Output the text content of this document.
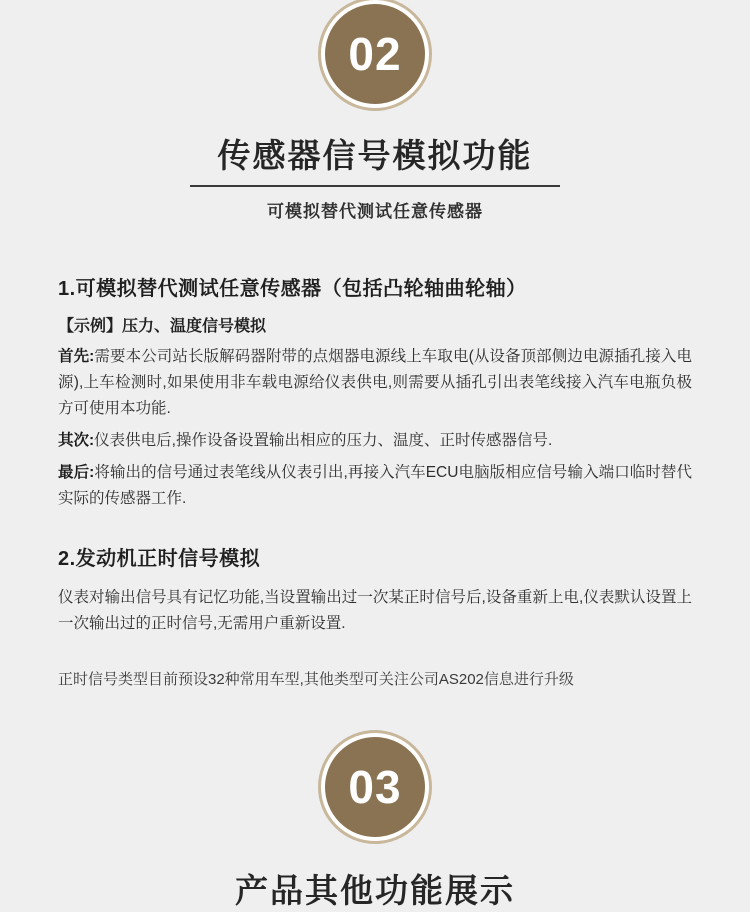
02
传感器信号模拟功能
可模拟替代测试任意传感器
1.可模拟替代测试任意传感器（包括凸轮轴曲轮轴）
【示例】压力、温度信号模拟
首先:需要本公司站长版解码器附带的点烟器电源线上车取电(从设备顶部侧边电源插孔接入电源),上车检测时,如果使用非车载电源给仪表供电,则需要从插孔引出表笔线接入汽车电瓶负极方可使用本功能.
其次:仪表供电后,操作设备设置输出相应的压力、温度、正时传感器信号.
最后:将输出的信号通过表笔线从仪表引出,再接入汽车ECU电脑版相应信号输入端口临时替代实际的传感器工作.
2.发动机正时信号模拟
仪表对输出信号具有记忆功能,当设置输出过一次某正时信号后,设备重新上电,仪表默认设置上一次输出过的正时信号,无需用户重新设置.
正时信号类型目前预设32种常用车型,其他类型可关注公司AS202信息进行升级
03
产品其他功能展示
